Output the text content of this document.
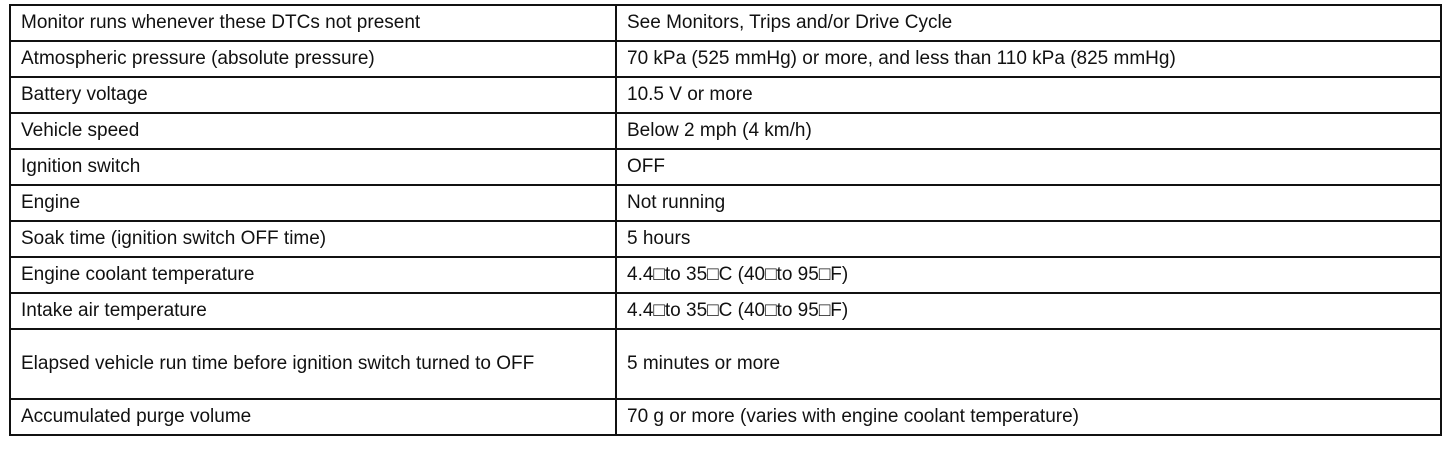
Monitor runs whenever these DTCs not present	See Monitors, Trips and/or Drive Cycle
Atmospheric pressure (absolute pressure)	70 kPa (525 mmHg) or more, and less than 110 kPa (825 mmHg)
Battery voltage	10.5 V or more
Vehicle speed	Below 2 mph (4 km/h)
Ignition switch	OFF
Engine	Not running
Soak time (ignition switch OFF time)	5 hours
Engine coolant temperature	4.4□to 35□C (40□to 95□F)
Intake air temperature	4.4□to 35□C (40□to 95□F)
Elapsed vehicle run time before ignition switch turned to OFF	5 minutes or more
Accumulated purge volume	70 g or more (varies with engine coolant temperature)
